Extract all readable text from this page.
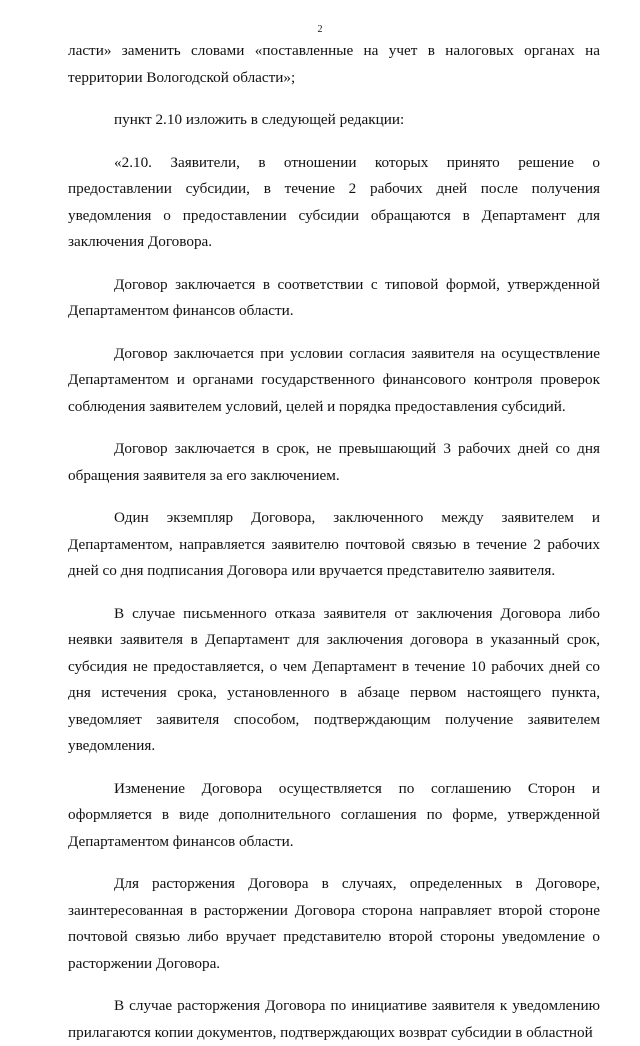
2

ласти» заменить словами «поставленные на учет в налоговых органах на территории Вологодской области»;

пункт 2.10 изложить в следующей редакции:

«2.10. Заявители, в отношении которых принято решение о предоставлении субсидии, в течение 2 рабочих дней после получения уведомления о предоставлении субсидии обращаются в Департамент для заключения Договора.

Договор заключается в соответствии с типовой формой, утвержденной Департаментом финансов области.

Договор заключается при условии согласия заявителя на осуществление Департаментом и органами государственного финансового контроля проверок соблюдения заявителем условий, целей и порядка предоставления субсидий.

Договор заключается в срок, не превышающий 3 рабочих дней со дня обращения заявителя за его заключением.

Один экземпляр Договора, заключенного между заявителем и Департаментом, направляется заявителю почтовой связью в течение 2 рабочих дней со дня подписания Договора или вручается представителю заявителя.

В случае письменного отказа заявителя от заключения Договора либо неявки заявителя в Департамент для заключения договора в указанный срок, субсидия не предоставляется, о чем Департамент в течение 10 рабочих дней со дня истечения срока, установленного в абзаце первом настоящего пункта, уведомляет заявителя способом, подтверждающим получение заявителем уведомления.

Изменение Договора осуществляется по соглашению Сторон и оформляется в виде дополнительного соглашения по форме, утвержденной Департаментом финансов области.

Для расторжения Договора в случаях, определенных в Договоре, заинтересованная в расторжении Договора сторона направляет второй стороне почтовой связью либо вручает представителю второй стороны уведомление о расторжении Договора.

В случае расторжения Договора по инициативе заявителя к уведомлению прилагаются копии документов, подтверждающих возврат субсидии в областной
